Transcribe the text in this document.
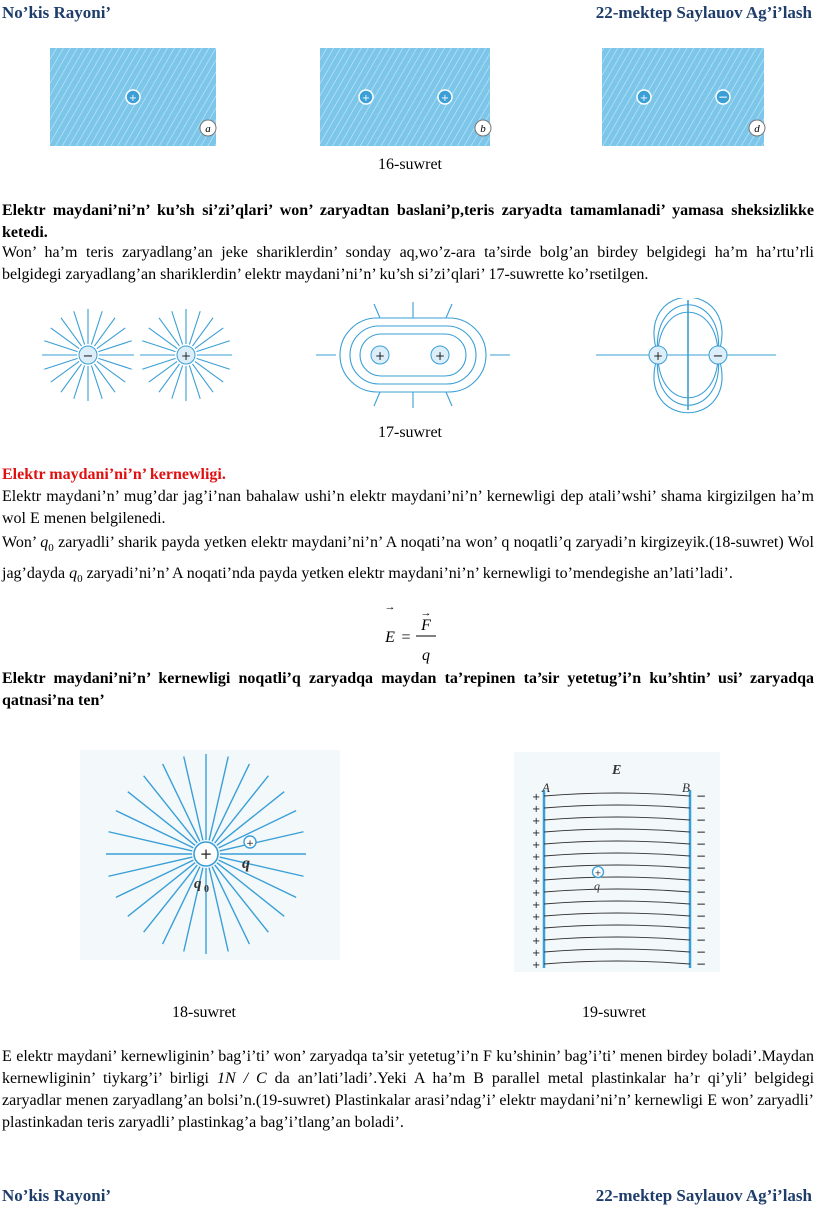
No’kis Rayoni’	22-mektep Saylauov Ag’i’lash
+
a
+	+
b
+	−
d
16-suwret
Elektr maydani’ni’n’ ku’sh si’zi’qlari’ won’ zaryadtan baslani’p,teris zaryadta tamamlanadi’ yamasa sheksizlikke ketedi.
Won’ ha’m teris zaryadlang’an jeke shariklerdin’ sonday aq,wo’z-ara ta’sirde bolg’an birdey belgidegi ha’m ha’rtu’rli belgidegi zaryadlang’an shariklerdin’ elektr maydani’ni’n’ ku’sh si’zi’qlari’ 17-suwrette ko’rsetilgen.
−	+	+	+	+	−
17-suwret
Elektr maydani’ni’n’ kernewligi.
Elektr maydani’n’ mug’dar jag’i’nan bahalaw ushi’n elektr maydani’ni’n’ kernewligi dep atali’wshi’ shama kirgizilgen ha’m wol E menen belgilenedi.
Won’ $q_0$ zaryadli’ sharik payda yetken elektr maydani’ni’n’ A noqati’na won’ q noqatli’q zaryadi’n kirgizeyik.(18-suwret) Wol jag’dayda $q_0$ zaryadi’ni’n’ A noqati’nda payda yetken elektr maydani’ni’n’ kernewligi to’mendegishe an’lati’ladi’.
→
E =
→
F
q
Elektr maydani’ni’n’ kernewligi noqatli’q zaryadqa maydan ta’repinen ta’sir yetetug’i’n ku’shtin’ usi’ zaryadqa qatnasi’na ten’
+
+
q
q 0
18-suwret
+
+
+
+
+
+
+
+
+
+
+
+
+
+
+
−
−
−
−
−
−
−
−
−
−
−
−
−
−
−
A	B
E
+
q
19-suwret
E elektr maydani’ kernewliginin’ bag’i’ti’ won’ zaryadqa ta’sir yetetug’i’n F ku’shinin’ bag’i’ti’ menen birdey boladi’.Maydan kernewliginin’ tiykarg’i’ birligi 1N / C da an’lati’ladi’.Yeki A ha’m B parallel metal plastinkalar ha’r qi’yli’ belgidegi zaryadlar menen zaryadlang’an bolsi’n.(19-suwret) Plastinkalar arasi’ndag’i’ elektr maydani’ni’n’ kernewligi E won’ zaryadli’ plastinkadan teris zaryadli’ plastinkag’a bag’i’tlang’an boladi’.
No’kis Rayoni’	22-mektep Saylauov Ag’i’lash
